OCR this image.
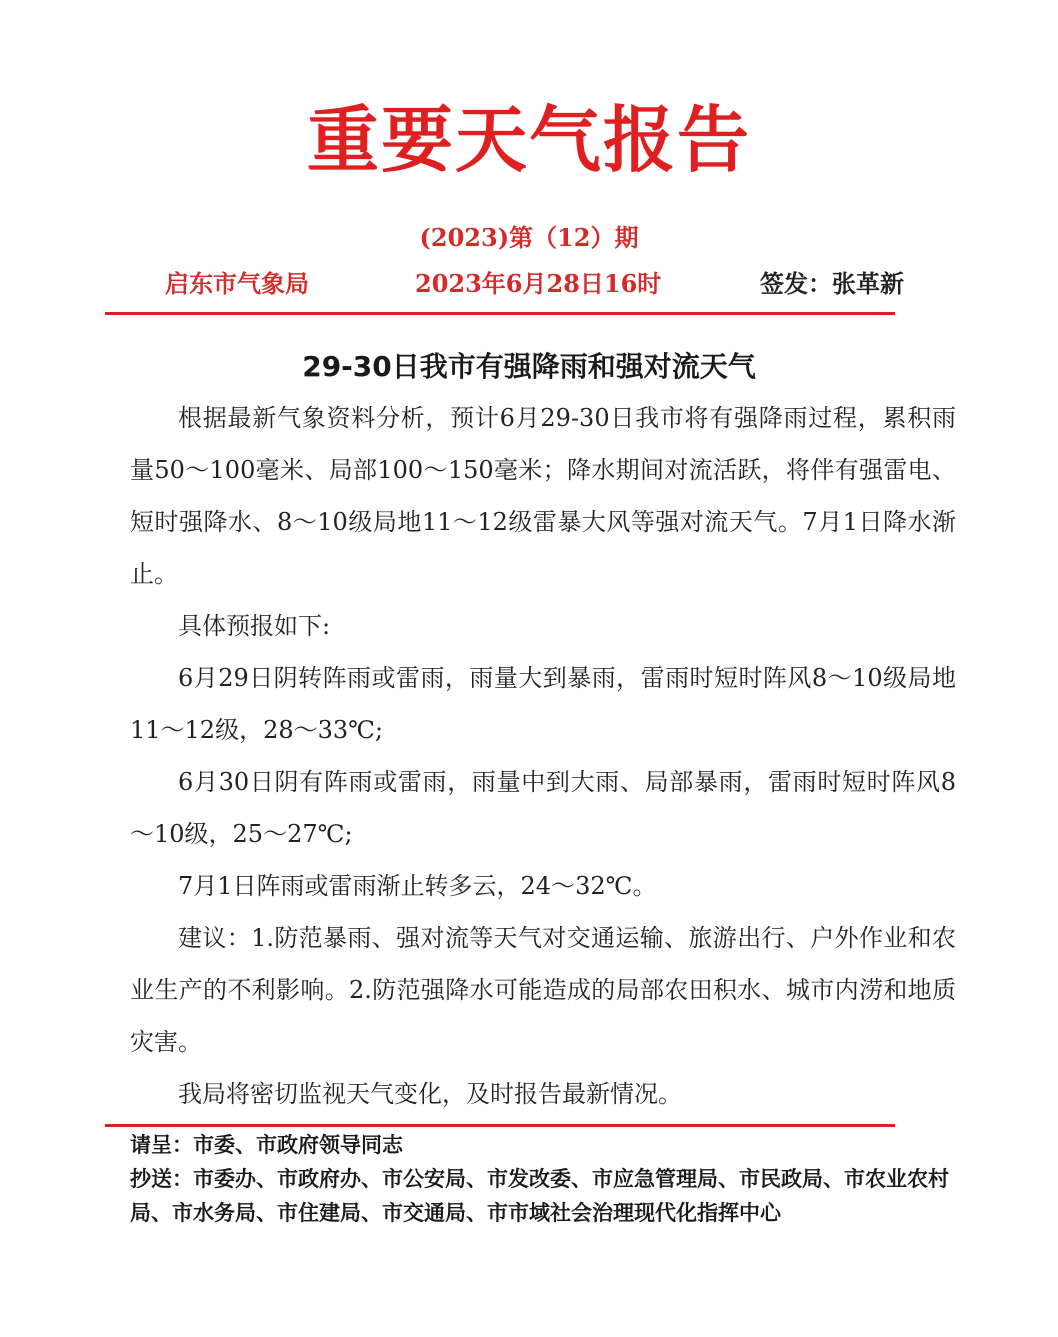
重要天气报告
(2023)第（12）期
启东市气象局	2023年6月28日16时	签发：张革新
29-30日我市有强降雨和强对流天气

根据最新气象资料分析，预计6月29-30日我市将有强降雨过程，累积雨量50～100毫米、局部100～150毫米；降水期间对流活跃，将伴有强雷电、短时强降水、8～10级局地11～12级雷暴大风等强对流天气。7月1日降水渐止。

具体预报如下:

6月29日阴转阵雨或雷雨，雨量大到暴雨，雷雨时短时阵风8～10级局地11～12级，28～33℃;

6月30日阴有阵雨或雷雨，雨量中到大雨、局部暴雨，雷雨时短时阵风8～10级，25～27℃;

7月1日阵雨或雷雨渐止转多云，24～32℃。

建议：1.防范暴雨、强对流等天气对交通运输、旅游出行、户外作业和农业生产的不利影响。2.防范强降水可能造成的局部农田积水、城市内涝和地质灾害。

我局将密切监视天气变化，及时报告最新情况。

请呈：市委、市政府领导同志

抄送：市委办、市政府办、市公安局、市发改委、市应急管理局、市民政局、市农业农村局、市水务局、市住建局、市交通局、市市域社会治理现代化指挥中心
